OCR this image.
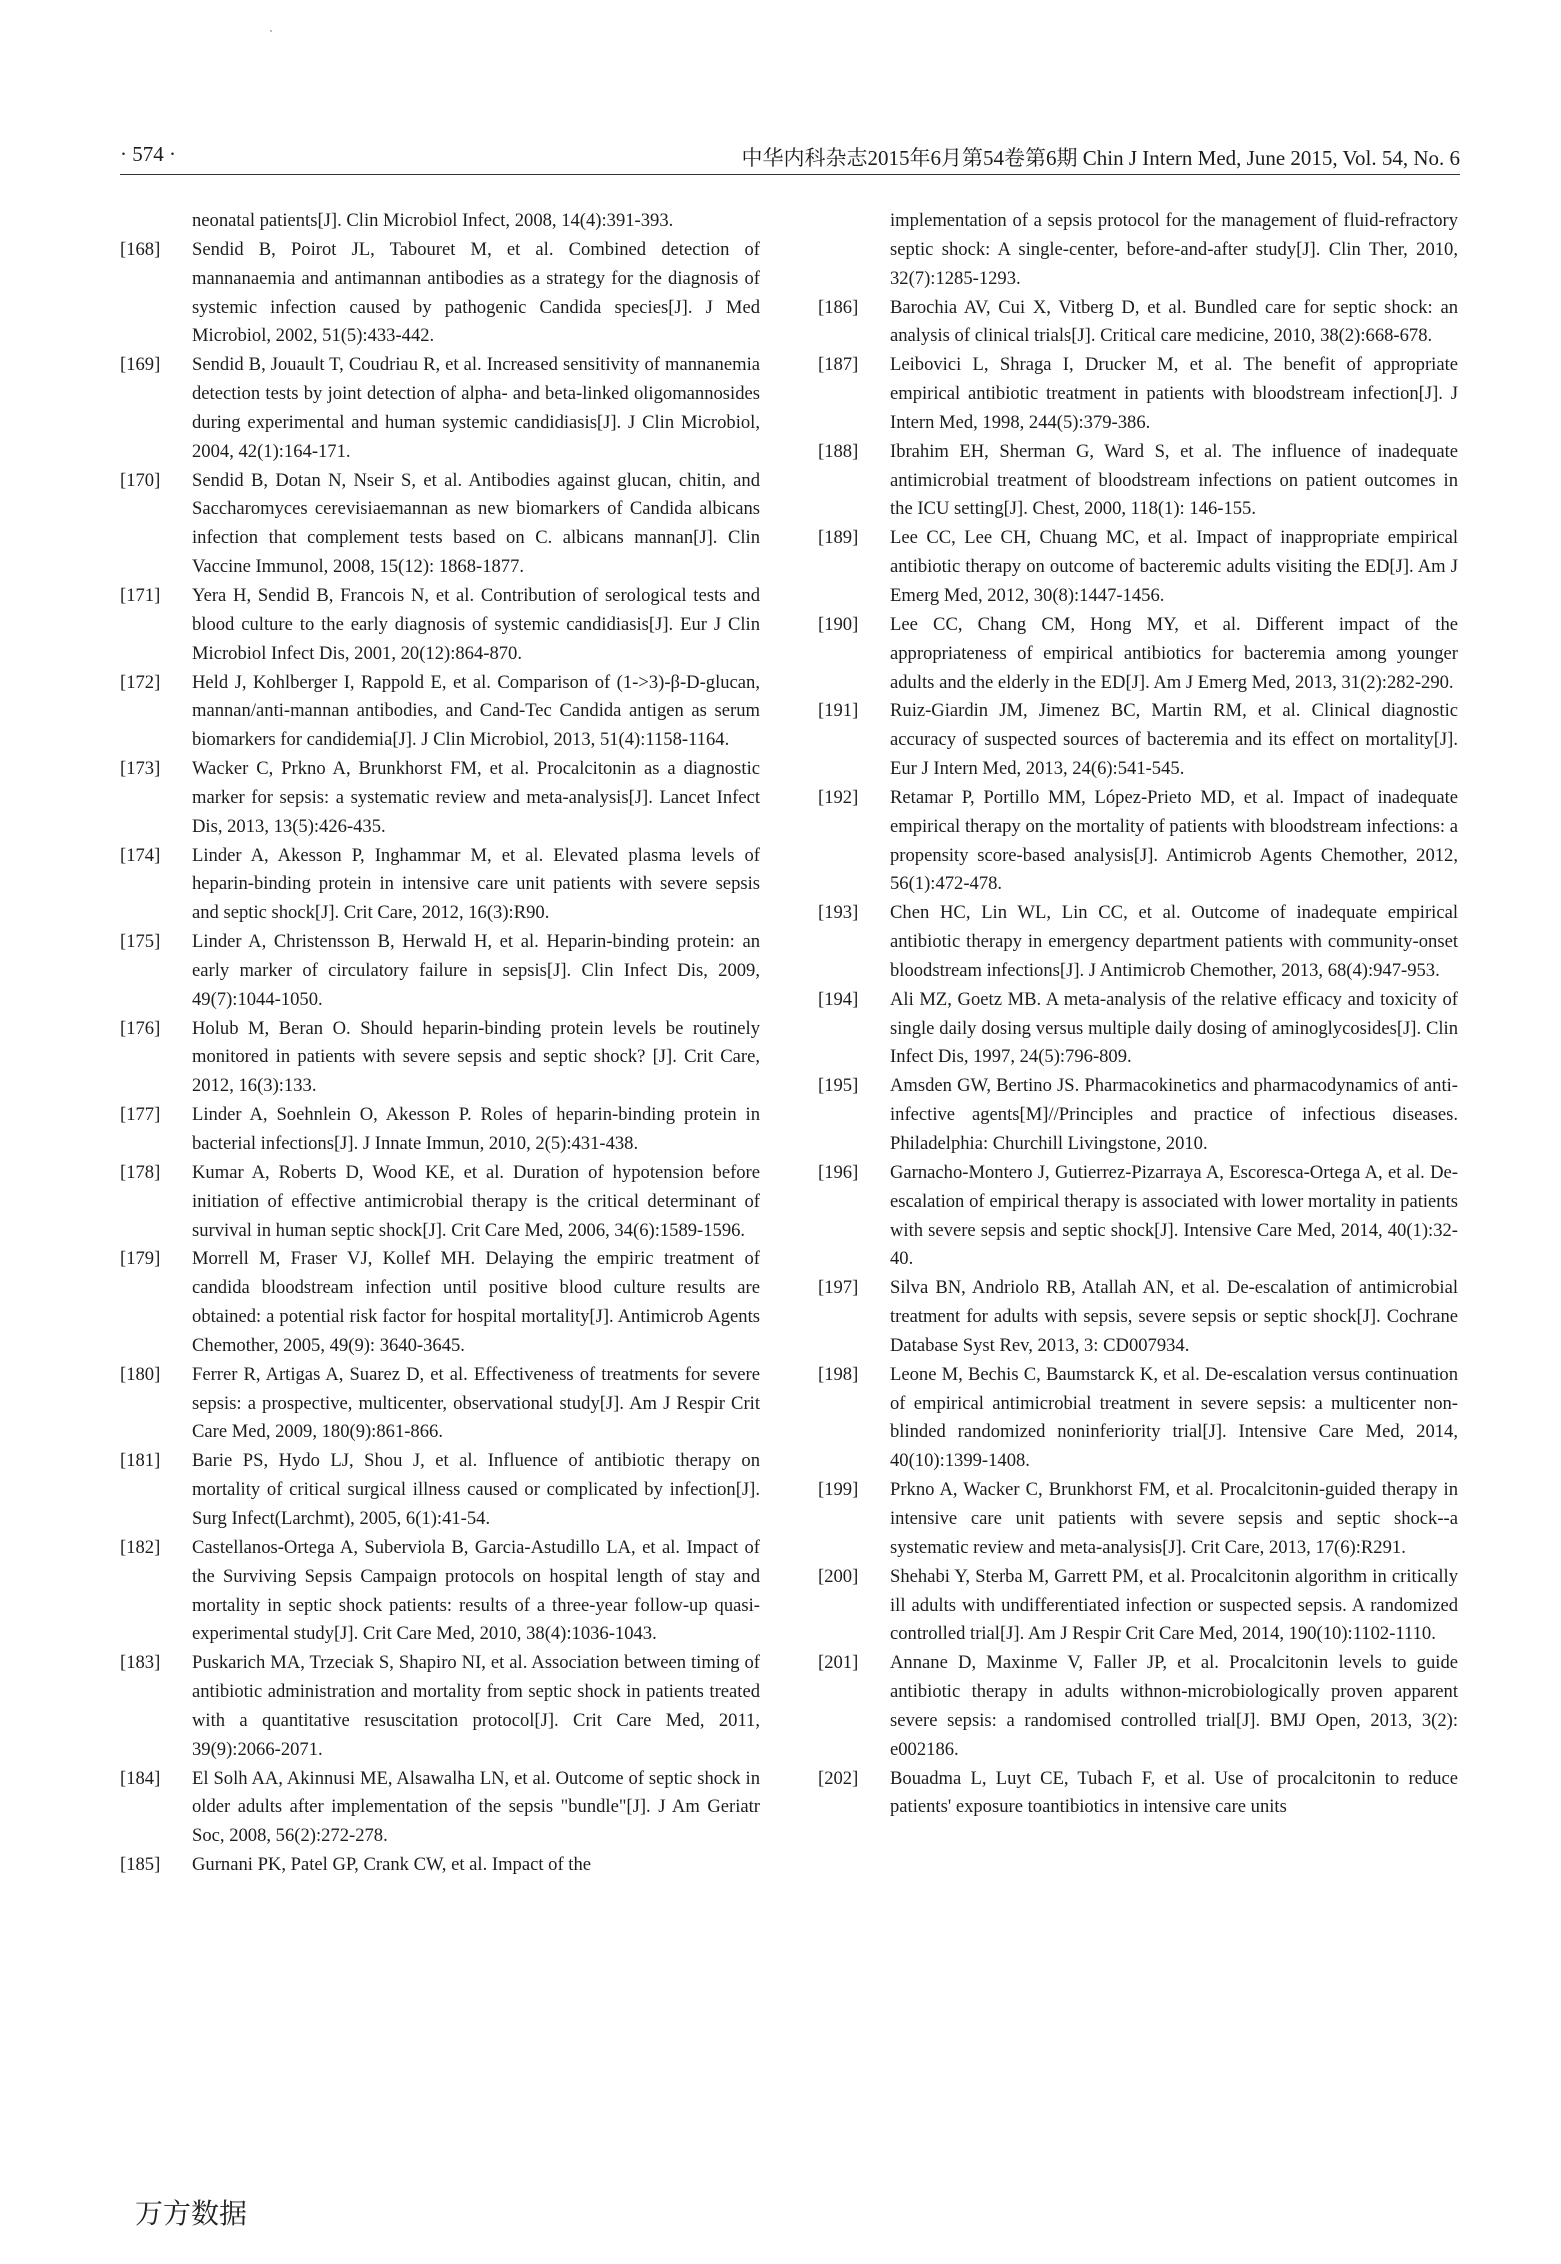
· 574 ·	中华内科杂志2015年6月第54卷第6期 Chin J Intern Med, June 2015, Vol. 54, No. 6
neonatal patients[J]. Clin Microbiol Infect, 2008, 14(4):391-393.
[168] Sendid B, Poirot JL, Tabouret M, et al. Combined detection of mannanaemia and antimannan antibodies as a strategy for the diagnosis of systemic infection caused by pathogenic Candida species[J]. J Med Microbiol, 2002, 51(5):433-442.
[169] Sendid B, Jouault T, Coudriau R, et al. Increased sensitivity of mannanemia detection tests by joint detection of alpha- and beta-linked oligomannosides during experimental and human systemic candidiasis[J]. J Clin Microbiol, 2004, 42(1):164-171.
[170] Sendid B, Dotan N, Nseir S, et al. Antibodies against glucan, chitin, and Saccharomyces cerevisiaemannan as new biomarkers of Candida albicans infection that complement tests based on C. albicans mannan[J]. Clin Vaccine Immunol, 2008, 15(12): 1868-1877.
[171] Yera H, Sendid B, Francois N, et al. Contribution of serological tests and blood culture to the early diagnosis of systemic candidiasis[J]. Eur J Clin Microbiol Infect Dis, 2001, 20(12):864-870.
[172] Held J, Kohlberger I, Rappold E, et al. Comparison of (1->3)-β-D-glucan, mannan/anti-mannan antibodies, and Cand-Tec Candida antigen as serum biomarkers for candidemia[J]. J Clin Microbiol, 2013, 51(4):1158-1164.
[173] Wacker C, Prkno A, Brunkhorst FM, et al. Procalcitonin as a diagnostic marker for sepsis: a systematic review and meta-analysis[J]. Lancet Infect Dis, 2013, 13(5):426-435.
[174] Linder A, Akesson P, Inghammar M, et al. Elevated plasma levels of heparin-binding protein in intensive care unit patients with severe sepsis and septic shock[J]. Crit Care, 2012, 16(3):R90.
[175] Linder A, Christensson B, Herwald H, et al. Heparin-binding protein: an early marker of circulatory failure in sepsis[J]. Clin Infect Dis, 2009, 49(7):1044-1050.
[176] Holub M, Beran O. Should heparin-binding protein levels be routinely monitored in patients with severe sepsis and septic shock? [J]. Crit Care, 2012, 16(3):133.
[177] Linder A, Soehnlein O, Akesson P. Roles of heparin-binding protein in bacterial infections[J]. J Innate Immun, 2010, 2(5):431-438.
[178] Kumar A, Roberts D, Wood KE, et al. Duration of hypotension before initiation of effective antimicrobial therapy is the critical determinant of survival in human septic shock[J]. Crit Care Med, 2006, 34(6):1589-1596.
[179] Morrell M, Fraser VJ, Kollef MH. Delaying the empiric treatment of candida bloodstream infection until positive blood culture results are obtained: a potential risk factor for hospital mortality[J]. Antimicrob Agents Chemother, 2005, 49(9): 3640-3645.
[180] Ferrer R, Artigas A, Suarez D, et al. Effectiveness of treatments for severe sepsis: a prospective, multicenter, observational study[J]. Am J Respir Crit Care Med, 2009, 180(9):861-866.
[181] Barie PS, Hydo LJ, Shou J, et al. Influence of antibiotic therapy on mortality of critical surgical illness caused or complicated by infection[J]. Surg Infect(Larchmt), 2005, 6(1):41-54.
[182] Castellanos-Ortega A, Suberviola B, Garcia-Astudillo LA, et al. Impact of the Surviving Sepsis Campaign protocols on hospital length of stay and mortality in septic shock patients: results of a three-year follow-up quasi-experimental study[J]. Crit Care Med, 2010, 38(4):1036-1043.
[183] Puskarich MA, Trzeciak S, Shapiro NI, et al. Association between timing of antibiotic administration and mortality from septic shock in patients treated with a quantitative resuscitation protocol[J]. Crit Care Med, 2011, 39(9):2066-2071.
[184] El Solh AA, Akinnusi ME, Alsawalha LN, et al. Outcome of septic shock in older adults after implementation of the sepsis "bundle"[J]. J Am Geriatr Soc, 2008, 56(2):272-278.
[185] Gurnani PK, Patel GP, Crank CW, et al. Impact of the
implementation of a sepsis protocol for the management of fluid-refractory septic shock: A single-center, before-and-after study[J]. Clin Ther, 2010, 32(7):1285-1293.
[186] Barochia AV, Cui X, Vitberg D, et al. Bundled care for septic shock: an analysis of clinical trials[J]. Critical care medicine, 2010, 38(2):668-678.
[187] Leibovici L, Shraga I, Drucker M, et al. The benefit of appropriate empirical antibiotic treatment in patients with bloodstream infection[J]. J Intern Med, 1998, 244(5):379-386.
[188] Ibrahim EH, Sherman G, Ward S, et al. The influence of inadequate antimicrobial treatment of bloodstream infections on patient outcomes in the ICU setting[J]. Chest, 2000, 118(1): 146-155.
[189] Lee CC, Lee CH, Chuang MC, et al. Impact of inappropriate empirical antibiotic therapy on outcome of bacteremic adults visiting the ED[J]. Am J Emerg Med, 2012, 30(8):1447-1456.
[190] Lee CC, Chang CM, Hong MY, et al. Different impact of the appropriateness of empirical antibiotics for bacteremia among younger adults and the elderly in the ED[J]. Am J Emerg Med, 2013, 31(2):282-290.
[191] Ruiz-Giardin JM, Jimenez BC, Martin RM, et al. Clinical diagnostic accuracy of suspected sources of bacteremia and its effect on mortality[J]. Eur J Intern Med, 2013, 24(6):541-545.
[192] Retamar P, Portillo MM, López-Prieto MD, et al. Impact of inadequate empirical therapy on the mortality of patients with bloodstream infections: a propensity score-based analysis[J]. Antimicrob Agents Chemother, 2012, 56(1):472-478.
[193] Chen HC, Lin WL, Lin CC, et al. Outcome of inadequate empirical antibiotic therapy in emergency department patients with community-onset bloodstream infections[J]. J Antimicrob Chemother, 2013, 68(4):947-953.
[194] Ali MZ, Goetz MB. A meta-analysis of the relative efficacy and toxicity of single daily dosing versus multiple daily dosing of aminoglycosides[J]. Clin Infect Dis, 1997, 24(5):796-809.
[195] Amsden GW, Bertino JS. Pharmacokinetics and pharmacodynamics of anti-infective agents[M]//Principles and practice of infectious diseases. Philadelphia: Churchill Livingstone, 2010.
[196] Garnacho-Montero J, Gutierrez-Pizarraya A, Escoresca-Ortega A, et al. De-escalation of empirical therapy is associated with lower mortality in patients with severe sepsis and septic shock[J]. Intensive Care Med, 2014, 40(1):32-40.
[197] Silva BN, Andriolo RB, Atallah AN, et al. De-escalation of antimicrobial treatment for adults with sepsis, severe sepsis or septic shock[J]. Cochrane Database Syst Rev, 2013, 3: CD007934.
[198] Leone M, Bechis C, Baumstarck K, et al. De-escalation versus continuation of empirical antimicrobial treatment in severe sepsis: a multicenter non-blinded randomized noninferiority trial[J]. Intensive Care Med, 2014, 40(10):1399-1408.
[199] Prkno A, Wacker C, Brunkhorst FM, et al. Procalcitonin-guided therapy in intensive care unit patients with severe sepsis and septic shock--a systematic review and meta-analysis[J]. Crit Care, 2013, 17(6):R291.
[200] Shehabi Y, Sterba M, Garrett PM, et al. Procalcitonin algorithm in critically ill adults with undifferentiated infection or suspected sepsis. A randomized controlled trial[J]. Am J Respir Crit Care Med, 2014, 190(10):1102-1110.
[201] Annane D, Maxinme V, Faller JP, et al. Procalcitonin levels to guide antibiotic therapy in adults withnon-microbiologically proven apparent severe sepsis: a randomised controlled trial[J]. BMJ Open, 2013, 3(2): e002186.
[202] Bouadma L, Luyt CE, Tubach F, et al. Use of procalcitonin to reduce patients' exposure toantibiotics in intensive care units
万方数据
